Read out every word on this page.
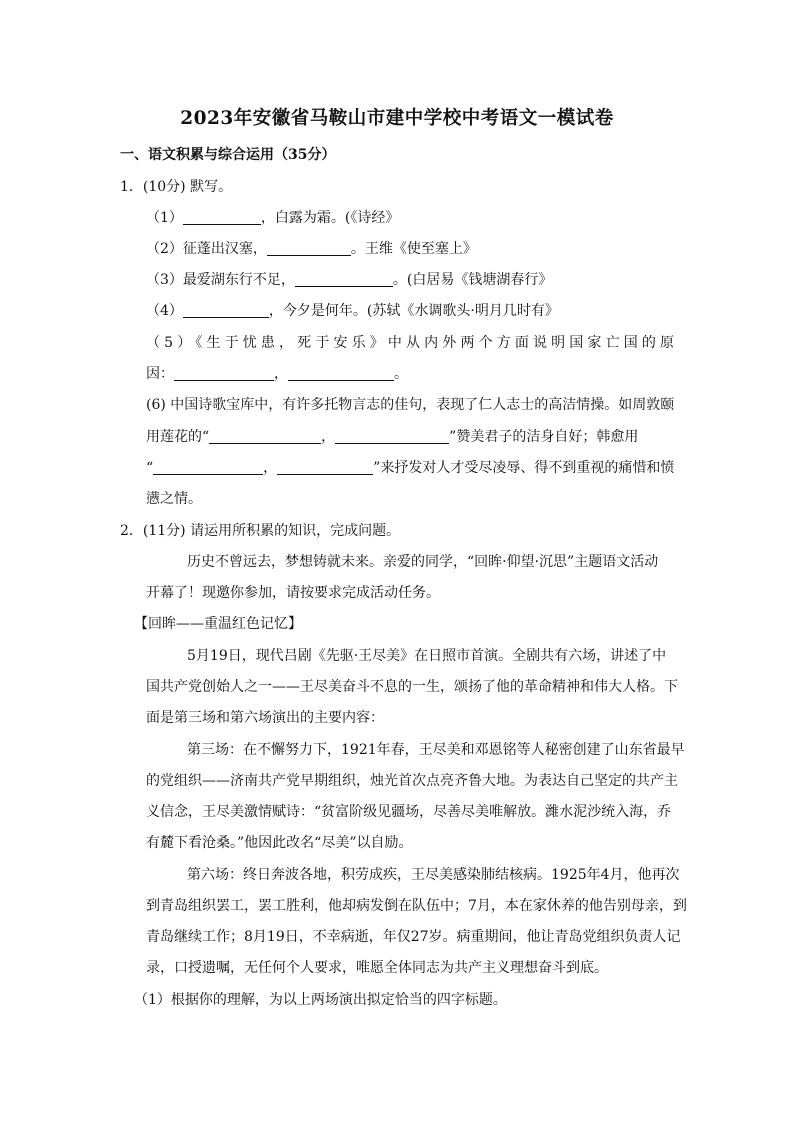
2023年安徽省马鞍山市建中学校中考语文一模试卷
一、语文积累与综合运用（35分）
1．(10分) 默写。
（1）	，白露为霜。(《诗经》
（2）征蓬出汉塞，	。王维《使至塞上》
（3）最爱湖东行不足，	。(白居易《钱塘湖春行》
（4）	，今夕是何年。(苏轼《水调歌头·明月几时有》
（5）《生于忧患，死于安乐》中从内外两个方面说明国家亡国的原
因：	，	。
(6) 中国诗歌宝库中，有许多托物言志的佳句，表现了仁人志士的高洁情操。如周敦颐
用莲花的“	，	”赞美君子的洁身自好；韩愈用
“	，	”来抒发对人才受尽凌辱、得不到重视的痛惜和愤
懑之情。
2．(11分) 请运用所积累的知识，完成问题。
历史不曾远去，梦想铸就未来。亲爱的同学，“回眸·仰望·沉思”主题语文活动
开幕了！现邀你参加，请按要求完成活动任务。
【回眸——重温红色记忆】
5月19日，现代吕剧《先驱·王尽美》在日照市首演。全剧共有六场，讲述了中
国共产党创始人之一——王尽美奋斗不息的一生，颂扬了他的革命精神和伟大人格。下
面是第三场和第六场演出的主要内容：
第三场：在不懈努力下，1921年春，王尽美和邓恩铭等人秘密创建了山东省最早
的党组织——济南共产党早期组织，烛光首次点亮齐鲁大地。为表达自己坚定的共产主
义信念，王尽美激情赋诗：“贫富阶级见疆场，尽善尽美唯解放。濰水泥沙统入海，乔
有麓下看沧桑。”他因此改名“尽美”以自励。
第六场：终日奔波各地，积劳成疾，王尽美感染肺结核病。1925年4月，他再次
到青岛组织罢工，罢工胜利，他却病发倒在队伍中；7月，本在家休养的他告别母亲，到
青岛继续工作；8月19日，不幸病逝，年仅27岁。病重期间，他让青岛党组织负责人记
录，口授遗嘱，无任何个人要求，唯愿全体同志为共产主义理想奋斗到底。
（1）根据你的理解，为以上两场演出拟定恰当的四字标题。
